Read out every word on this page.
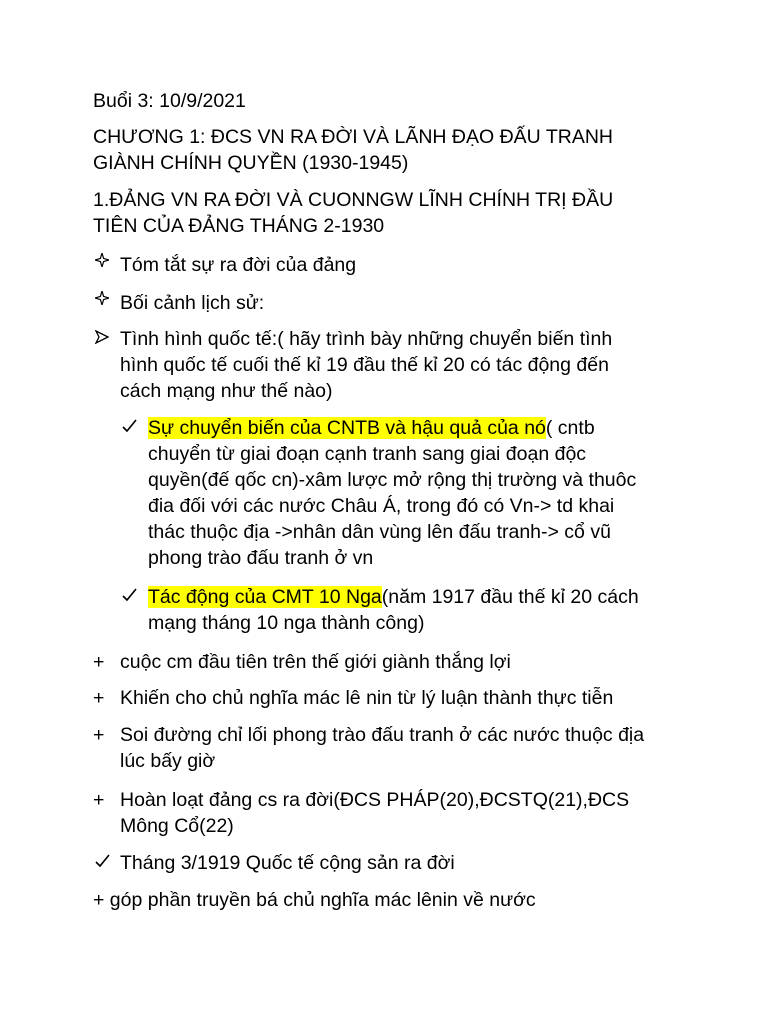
Buổi 3: 10/9/2021
CHƯƠNG 1: ĐCS VN RA ĐỜI VÀ LÃNH ĐẠO ĐẤU TRANH
GIÀNH CHÍNH QUYỀN (1930-1945)
1.ĐẢNG VN RA ĐỜI VÀ CUONNGW LĨNH CHÍNH TRỊ ĐẦU
TIÊN CỦA ĐẢNG THÁNG 2-1930
Tóm tắt sự ra đời của đảng
Bối cảnh lịch sử:
Tình hình quốc tế:( hãy trình bày những chuyển biến tình
hình quốc tế cuối thế kỉ 19 đầu thế kỉ 20 có tác động đến
cách mạng như thế nào)
Sự chuyển biến của CNTB và hậu quả của nó( cntb
chuyển từ giai đoạn cạnh tranh sang giai đoạn độc
quyền(đế qốc cn)-xâm lược mở rộng thị trường và thuôc
đia đối với các nước Châu Á, trong đó có Vn-> td khai
thác thuộc địa ->nhân dân vùng lên đấu tranh-> cổ vũ
phong trào đấu tranh ở vn
Tác động của CMT 10 Nga(năm 1917 đầu thế kỉ 20 cách
mạng tháng 10 nga thành công)
+ cuộc cm đầu tiên trên thế giới giành thắng lợi
+ Khiến cho chủ nghĩa mác lê nin từ lý luận thành thực tiễn
+ Soi đường chỉ lối phong trào đấu tranh ở các nước thuộc địa
lúc bấy giờ
+ Hoàn loạt đảng cs ra đời(ĐCS PHÁP(20),ĐCSTQ(21),ĐCS
Mông Cổ(22)
Tháng 3/1919 Quốc tế cộng sản ra đời
+ góp phần truyền bá chủ nghĩa mác lênin về nước
